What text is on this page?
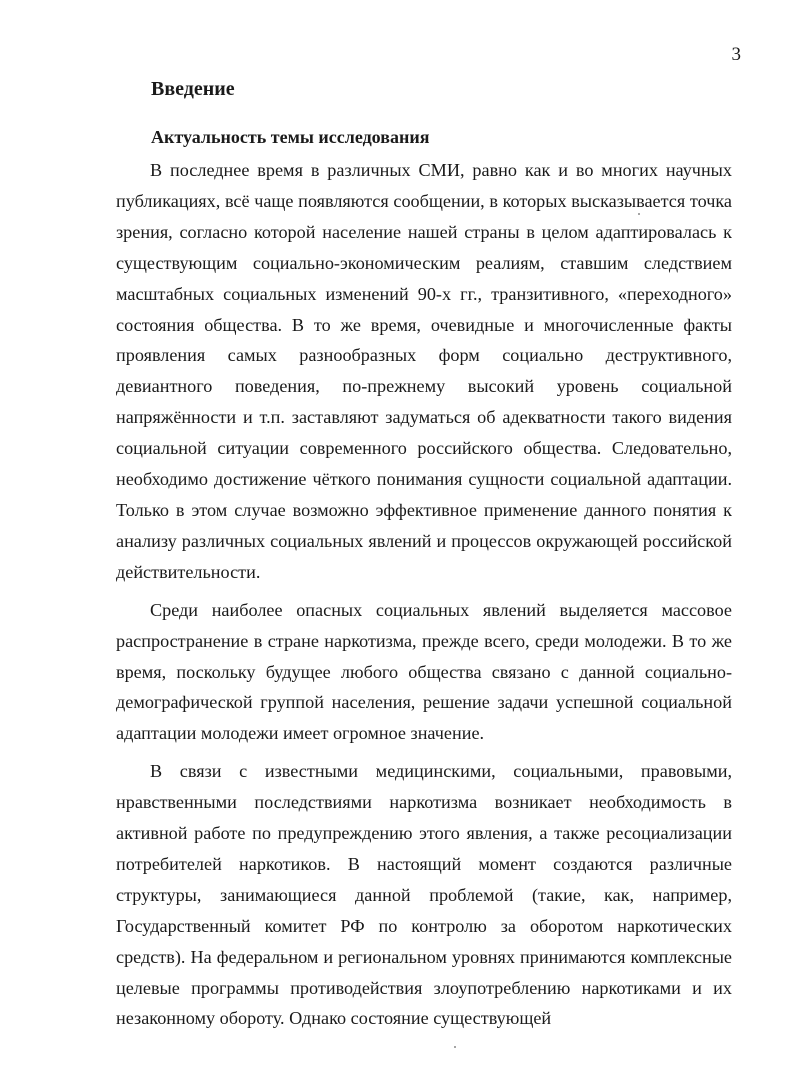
3
Введение
Актуальность темы исследования

В последнее время в различных СМИ, равно как и во многих научных публикациях, всё чаще появляются сообщении, в которых высказывается точка зрения, согласно которой население нашей страны в целом адаптировалась к существующим социально-экономическим реалиям, ставшим следствием масштабных социальных изменений 90-х гг., транзитивного, «переходного» состояния общества. В то же время, очевидные и многочисленные факты проявления самых разнообразных форм социально деструктивного, девиантного поведения, по-прежнему высокий уровень социальной напряжённости и т.п. заставляют задуматься об адекватности такого видения социальной ситуации современного российского общества. Следовательно, необходимо достижение чёткого понимания сущности социальной адаптации. Только в этом случае возможно эффективное применение данного понятия к анализу различных социальных явлений и процессов окружающей российской действительности.

Среди наиболее опасных социальных явлений выделяется массовое распространение в стране наркотизма, прежде всего, среди молодежи. В то же время, поскольку будущее любого общества связано с данной социально-демографической группой населения, решение задачи успешной социальной адаптации молодежи имеет огромное значение.

В связи с известными медицинскими, социальными, правовыми, нравственными последствиями наркотизма возникает необходимость в активной работе по предупреждению этого явления, а также ресоциализации потребителей наркотиков. В настоящий момент создаются различные структуры, занимающиеся данной проблемой (такие, как, например, Государственный комитет РФ по контролю за оборотом наркотических средств). На федеральном и региональном уровнях принимаются комплексные целевые программы противодействия злоупотреблению наркотиками и их незаконному обороту. Однако состояние существующей
